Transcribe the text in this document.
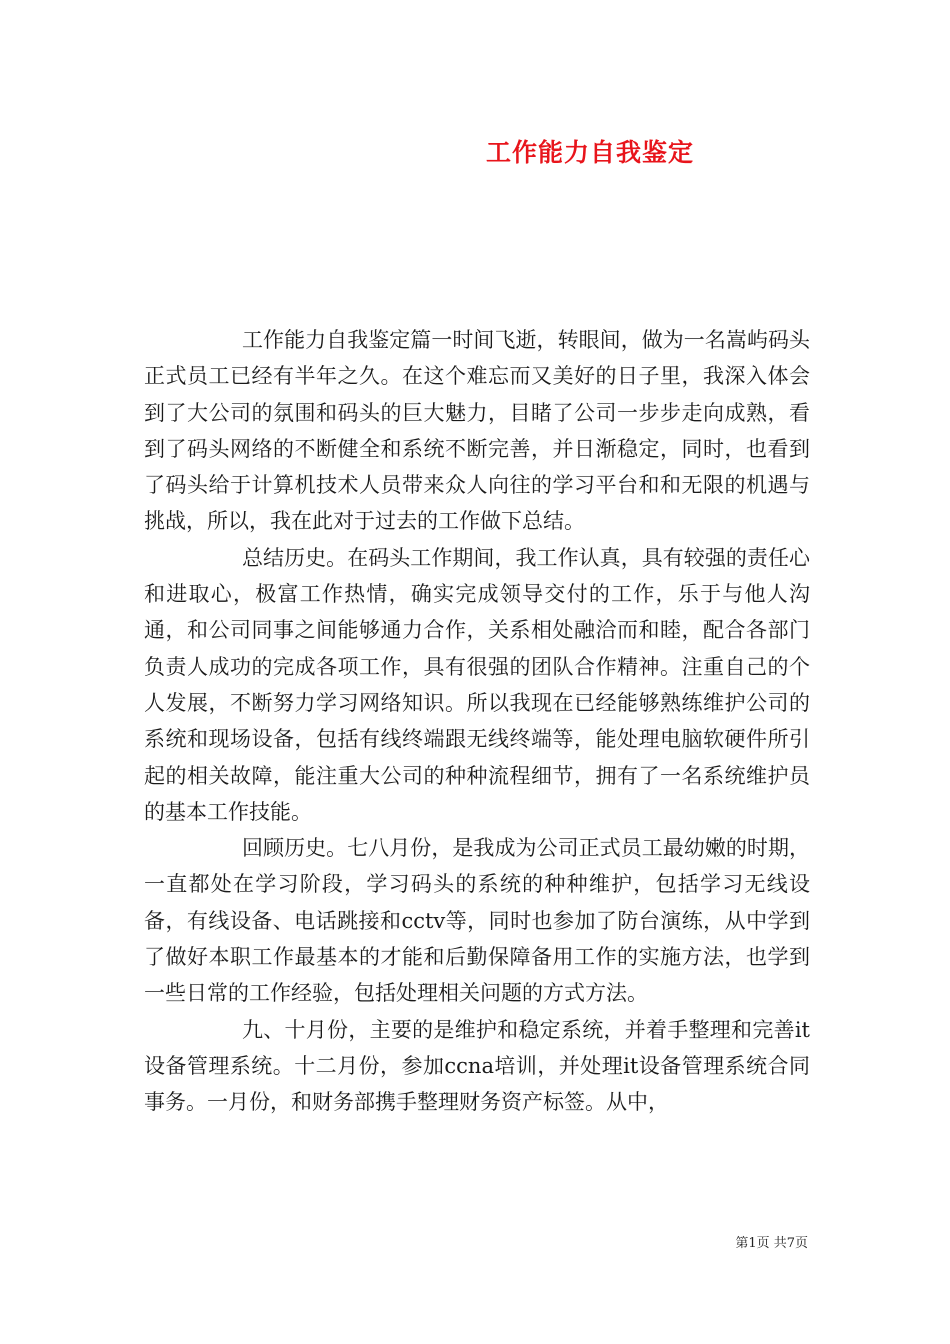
工作能力自我鉴定

工作能力自我鉴定篇一时间飞逝，转眼间，做为一名嵩屿码头正式员工已经有半年之久。在这个难忘而又美好的日子里，我深入体会到了大公司的氛围和码头的巨大魅力，目睹了公司一步步走向成熟，看到了码头网络的不断健全和系统不断完善，并日渐稳定，同时，也看到了码头给于计算机技术人员带来众人向往的学习平台和和无限的机遇与挑战，所以，我在此对于过去的工作做下总结。

总结历史。在码头工作期间，我工作认真，具有较强的责任心和进取心，极富工作热情，确实完成领导交付的工作，乐于与他人沟通，和公司同事之间能够通力合作，关系相处融洽而和睦，配合各部门负责人成功的完成各项工作，具有很强的团队合作精神。注重自己的个人发展，不断努力学习网络知识。所以我现在已经能够熟练维护公司的系统和现场设备，包括有线终端跟无线终端等，能处理电脑软硬件所引起的相关故障，能注重大公司的种种流程细节，拥有了一名系统维护员的基本工作技能。

回顾历史。七八月份，是我成为公司正式员工最幼嫩的时期，一直都处在学习阶段，学习码头的系统的种种维护，包括学习无线设备，有线设备、电话跳接和cctv等，同时也参加了防台演练，从中学到了做好本职工作最基本的才能和后勤保障备用工作的实施方法，也学到一些日常的工作经验，包括处理相关问题的方式方法。

九、十月份，主要的是维护和稳定系统，并着手整理和完善it设备管理系统。十二月份，参加ccna培训，并处理it设备管理系统合同事务。一月份，和财务部携手整理财务资产标签。从中，

第1页 共7页
